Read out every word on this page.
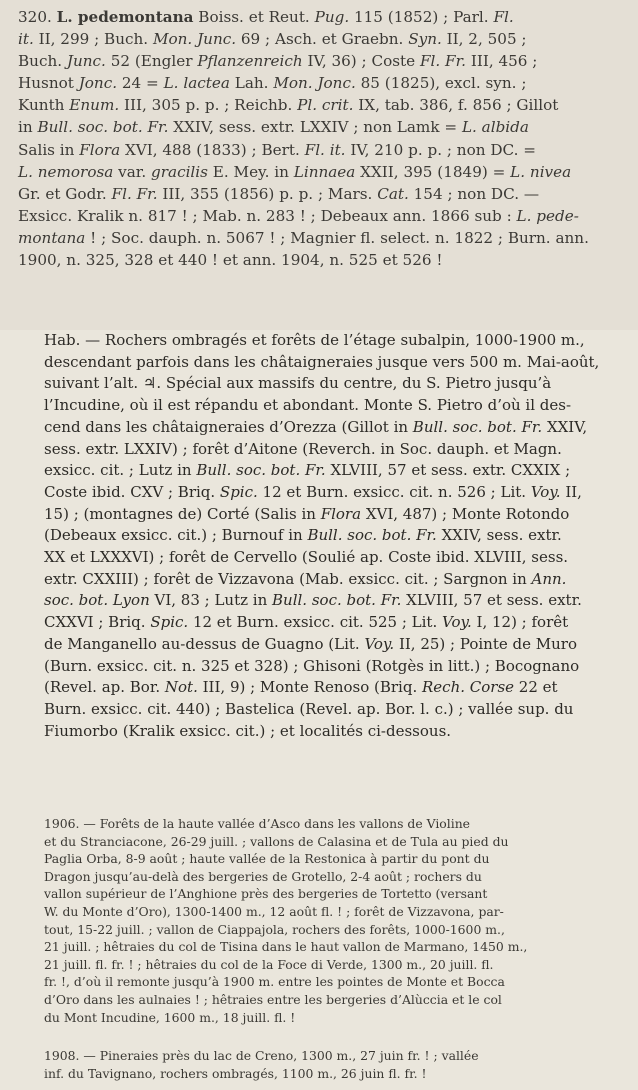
320. L. pedemontana Boiss. et Reut. Pug. 115 (1852) ; Parl. Fl.
it. II, 299 ; Buch. Mon. Junc. 69 ; Asch. et Graebn. Syn. II, 2, 505 ;
Buch. Junc. 52 (Engler Pflanzenreich IV, 36) ; Coste Fl. Fr. III, 456 ;
Husnot Jonc. 24 = L. lactea Lah. Mon. Jonc. 85 (1825), excl. syn. ;
Kunth Enum. III, 305 p. p. ; Reichb. Pl. crit. IX, tab. 386, f. 856 ; Gillot
in Bull. soc. bot. Fr. XXIV, sess. extr. LXXIV ; non Lamk = L. albida
Salis in Flora XVI, 488 (1833) ; Bert. Fl. it. IV, 210 p. p. ; non DC. =
L. nemorosa var. gracilis E. Mey. in Linnaea XXII, 395 (1849) = L. nivea
Gr. et Godr. Fl. Fr. III, 355 (1856) p. p. ; Mars. Cat. 154 ; non DC. —
Exsicc. Kralik n. 817 ! ; Mab. n. 283 ! ; Debeaux ann. 1866 sub : L. pede-
montana ! ; Soc. dauph. n. 5067 ! ; Magnier fl. select. n. 1822 ; Burn. ann.
1900, n. 325, 328 et 440 ! et ann. 1904, n. 525 et 526 !
Hab. — Rochers ombragés et forêts de l’étage subalpin, 1000-1900 m.,
descendant parfois dans les châtaigneraies jusque vers 500 m. Mai-août,
suivant l’alt. ♃. Spécial aux massifs du centre, du S. Pietro jusqu’à
l’Incudine, où il est répandu et abondant. Monte S. Pietro d’où il des-
cend dans les châtaigneraies d’Orezza (Gillot in Bull. soc. bot. Fr. XXIV,
sess. extr. LXXIV) ; forêt d’Aitone (Reverch. in Soc. dauph. et Magn.
exsicc. cit. ; Lutz in Bull. soc. bot. Fr. XLVIII, 57 et sess. extr. CXXIX ;
Coste ibid. CXV ; Briq. Spic. 12 et Burn. exsicc. cit. n. 526 ; Lit. Voy. II,
15) ; (montagnes de) Corté (Salis in Flora XVI, 487) ; Monte Rotondo
(Debeaux exsicc. cit.) ; Burnouf in Bull. soc. bot. Fr. XXIV, sess. extr.
XX et LXXXVI) ; forêt de Cervello (Soulié ap. Coste ibid. XLVIII, sess.
extr. CXXIII) ; forêt de Vizzavona (Mab. exsicc. cit. ; Sargnon in Ann.
soc. bot. Lyon VI, 83 ; Lutz in Bull. soc. bot. Fr. XLVIII, 57 et sess. extr.
CXXVI ; Briq. Spic. 12 et Burn. exsicc. cit. 525 ; Lit. Voy. I, 12) ; forêt
de Manganello au-dessus de Guagno (Lit. Voy. II, 25) ; Pointe de Muro
(Burn. exsicc. cit. n. 325 et 328) ; Ghisoni (Rotgès in litt.) ; Bocognano
(Revel. ap. Bor. Not. III, 9) ; Monte Renoso (Briq. Rech. Corse 22 et
Burn. exsicc. cit. 440) ; Bastelica (Revel. ap. Bor. l. c.) ; vallée sup. du
Fiumorbo (Kralik exsicc. cit.) ; et localités ci-dessous.
1906. — Forêts de la haute vallée d’Asco dans les vallons de Violine
et du Stranciacone, 26-29 juill. ; vallons de Calasina et de Tula au pied du
Paglia Orba, 8-9 août ; haute vallée de la Restonica à partir du pont du
Dragon jusqu’au-delà des bergeries de Grotello, 2-4 août ; rochers du
vallon supérieur de l’Anghione près des bergeries de Tortetto (versant
W. du Monte d’Oro), 1300-1400 m., 12 août fl. ! ; forêt de Vizzavona, par-
tout, 15-22 juill. ; vallon de Ciappajola, rochers des forêts, 1000-1600 m.,
21 juill. ; hêtraies du col de Tisina dans le haut vallon de Marmano, 1450 m.,
21 juill. fl. fr. ! ; hêtraies du col de la Foce di Verde, 1300 m., 20 juill. fl.
fr. !, d’où il remonte jusqu’à 1900 m. entre les pointes de Monte et Bocca
d’Oro dans les aulnaies ! ; hêtraies entre les bergeries d’Alùccia et le col
du Mont Incudine, 1600 m., 18 juill. fl. !
1908. — Pineraies près du lac de Creno, 1300 m., 27 juin fr. ! ; vallée
inf. du Tavignano, rochers ombragés, 1100 m., 26 juin fl. fr. !
